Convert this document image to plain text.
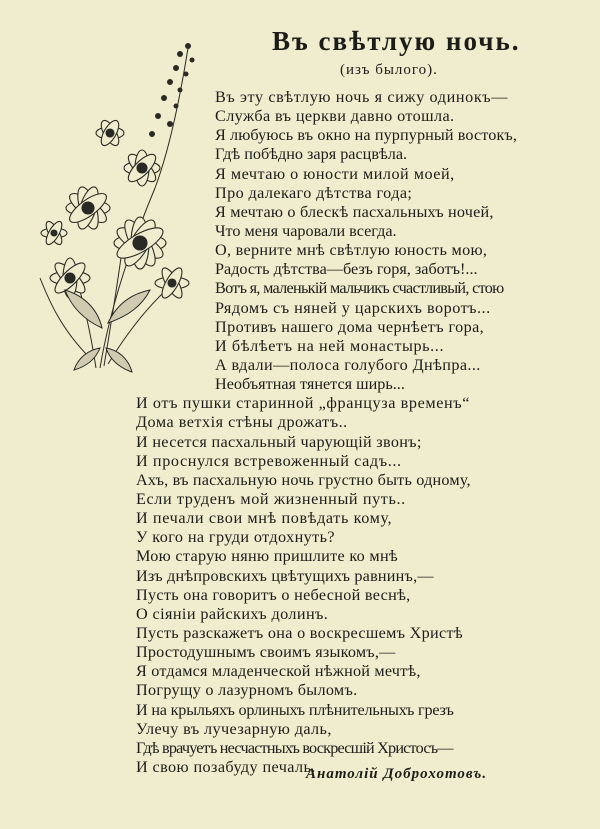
Въ свѣтлую ночь.
(изъ былого).
Въ эту свѣтлую ночь я сижу одинокъ—
Служба въ церкви давно отошла.
Я любуюсь въ окно на пурпурный востокъ,
Гдѣ побѣдно заря расцвѣла.
Я мечтаю о юности милой моей,
Про далекаго дѣтства года;
Я мечтаю о блескѣ пасхальныхъ ночей,
Что меня чаровали всегда.
О, верните мнѣ свѣтлую юность мою,
Радость дѣтства—безъ горя, заботъ!...
Вотъ я, маленькій мальчикъ счастливый, стою
Рядомъ съ няней у царскихъ воротъ...
Противъ нашего дома чернѣетъ гора,
И бѣлѣетъ на ней монастырь...
А вдали—полоса голубого Днѣпра...
Необъятная тянется ширь...
И отъ пушки старинной „француза временъ“
Дома ветхія стѣны дрожатъ..
И несется пасхальный чарующій звонъ;
И проснулся встревоженный садъ...
Ахъ, въ пасхальную ночь грустно быть одному,
Если труденъ мой жизненный путь..
И печали свои мнѣ повѣдать кому,
У кого на груди отдохнуть?
Мою старую няню пришлите ко мнѣ
Изъ днѣпровскихъ цвѣтущихъ равнинъ,—
Пусть она говоритъ о небесной веснѣ,
О сіяніи райскихъ долинъ.
Пусть разскажетъ она о воскресшемъ Христѣ
Простодушнымъ своимъ языкомъ,—
Я отдамся младенческой нѣжной мечтѣ,
Погрущу о лазурномъ быломъ.
И на крыльяхъ орлиныхъ плѣнительныхъ грезъ
Улечу въ лучезарную даль,
Гдѣ врачуетъ несчастныхъ воскресшій Христосъ—
И свою позабуду печаль.
Анатолій Доброхотовъ.
